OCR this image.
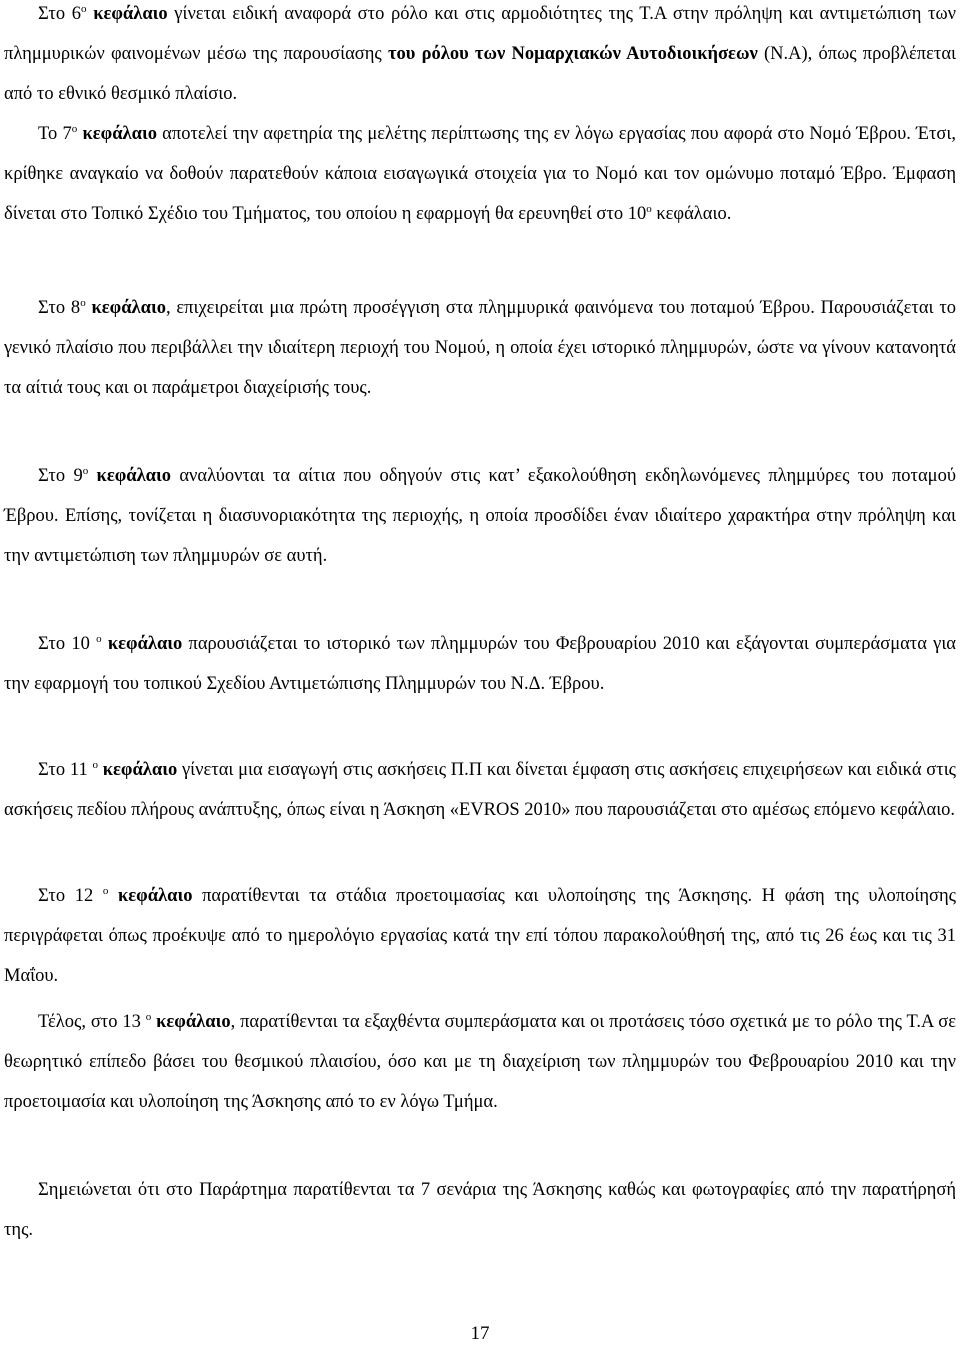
Στο $6^o$ κεφάλαιο γίνεται ειδική αναφορά στο ρόλο και στις αρμοδιότητες της Τ.Α στην πρόληψη και αντιμετώπιση των πλημμυρικών φαινομένων μέσω της παρουσίασης του ρόλου των Νομαρχιακών Αυτοδιοικήσεων (Ν.Α), όπως προβλέπεται από το εθνικό θεσμικό πλαίσιο.

Το $7^o$ κεφάλαιο αποτελεί την αφετηρία της μελέτης περίπτωσης της εν λόγω εργασίας που αφορά στο Νομό Έβρου. Έτσι, κρίθηκε αναγκαίο να δοθούν παρατεθούν κάποια εισαγωγικά στοιχεία για το Νομό και τον ομώνυμο ποταμό Έβρο. Έμφαση δίνεται στο Τοπικό Σχέδιο του Τμήματος, του οποίου η εφαρμογή θα ερευνηθεί στο $10^o$ κεφάλαιο.

Στο $8^o$ κεφάλαιο, επιχειρείται μια πρώτη προσέγγιση στα πλημμυρικά φαινόμενα του ποταμού Έβρου. Παρουσιάζεται το γενικό πλαίσιο που περιβάλλει την ιδιαίτερη περιοχή του Νομού, η οποία έχει ιστορικό πλημμυρών, ώστε να γίνουν κατανοητά τα αίτιά τους και οι παράμετροι διαχείρισής τους.

Στο $9^o$ κεφάλαιο αναλύονται τα αίτια που οδηγούν στις κατ’ εξακολούθηση εκδηλωνόμενες πλημμύρες του ποταμού Έβρου. Επίσης, τονίζεται η διασυνοριακότητα της περιοχής, η οποία προσδίδει έναν ιδιαίτερο χαρακτήρα στην πρόληψη και την αντιμετώπιση των πλημμυρών σε αυτή.

Στο 10 $^o$ κεφάλαιο παρουσιάζεται το ιστορικό των πλημμυρών του Φεβρουαρίου 2010 και εξάγονται συμπεράσματα για την εφαρμογή του τοπικού Σχεδίου Αντιμετώπισης Πλημμυρών του Ν.Δ. Έβρου.

Στο 11 $^o$ κεφάλαιο γίνεται μια εισαγωγή στις ασκήσεις Π.Π και δίνεται έμφαση στις ασκήσεις επιχειρήσεων και ειδικά στις ασκήσεις πεδίου πλήρους ανάπτυξης, όπως είναι η Άσκηση «EVROS 2010» που παρουσιάζεται στο αμέσως επόμενο κεφάλαιο.

Στο 12 $^o$ κεφάλαιο παρατίθενται τα στάδια προετοιμασίας και υλοποίησης της Άσκησης. Η φάση της υλοποίησης περιγράφεται όπως προέκυψε από το ημερολόγιο εργασίας κατά την επί τόπου παρακολούθησή της, από τις 26 έως και τις 31 Μαΐου.

Τέλος, στο 13 $^o$ κεφάλαιο, παρατίθενται τα εξαχθέντα συμπεράσματα και οι προτάσεις τόσο σχετικά με το ρόλο της Τ.Α σε θεωρητικό επίπεδο βάσει του θεσμικού πλαισίου, όσο και με τη διαχείριση των πλημμυρών του Φεβρουαρίου 2010 και την προετοιμασία και υλοποίηση της Άσκησης από το εν λόγω Τμήμα.

Σημειώνεται ότι στο Παράρτημα παρατίθενται τα 7 σενάρια της Άσκησης καθώς και φωτογραφίες από την παρατήρησή της.

17
